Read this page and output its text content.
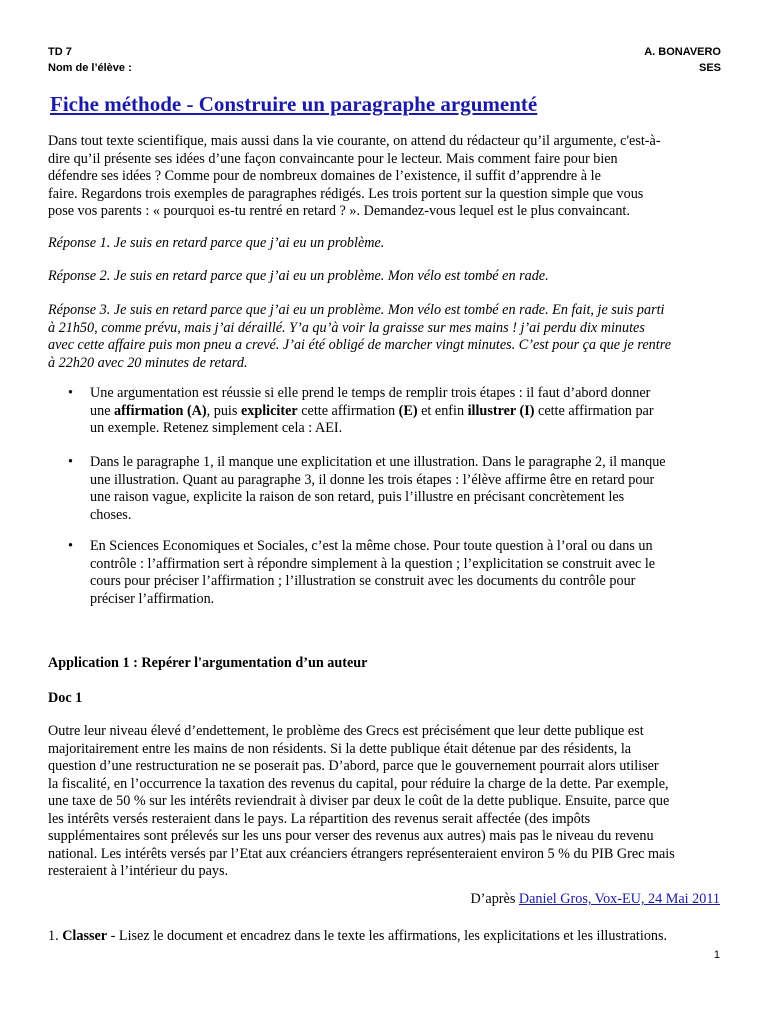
TD 7
Nom de l’élève :
A. BONAVERO
SES
Fiche méthode - Construire un paragraphe argumenté
Dans tout texte scientifique, mais aussi dans la vie courante, on attend du rédacteur qu’il argumente, c'est-à-
dire qu’il présente ses idées d’une façon convaincante pour le lecteur. Mais comment faire pour bien
défendre ses idées ? Comme pour de nombreux domaines de l’existence, il suffit d’apprendre à le
faire. Regardons trois exemples de paragraphes rédigés. Les trois portent sur la question simple que vous
pose vos parents : « pourquoi es-tu rentré en retard ? ». Demandez-vous lequel est le plus convaincant.
Réponse 1. Je suis en retard parce que j’ai eu un problème.
Réponse 2. Je suis en retard parce que j’ai eu un problème. Mon vélo est tombé en rade.
Réponse 3. Je suis en retard parce que j’ai eu un problème. Mon vélo est tombé en rade. En fait, je suis parti
à 21h50, comme prévu, mais j’ai déraillé. Y’a qu’à voir la graisse sur mes mains ! j’ai perdu dix minutes
avec cette affaire puis mon pneu a crevé. J’ai été obligé de marcher vingt minutes. C’est pour ça que je rentre
à 22h20 avec 20 minutes de retard.
• Une argumentation est réussie si elle prend le temps de remplir trois étapes : il faut d’abord donner
une affirmation (A), puis expliciter cette affirmation (E) et enfin illustrer (I) cette affirmation par
un exemple. Retenez simplement cela : AEI.
• Dans le paragraphe 1, il manque une explicitation et une illustration. Dans le paragraphe 2, il manque
une illustration. Quant au paragraphe 3, il donne les trois étapes : l’élève affirme être en retard pour
une raison vague, explicite la raison de son retard, puis l’illustre en précisant concrètement les
choses.
• En Sciences Economiques et Sociales, c’est la même chose. Pour toute question à l’oral ou dans un
contrôle : l’affirmation sert à répondre simplement à la question ; l’explicitation se construit avec le
cours pour préciser l’affirmation ; l’illustration se construit avec les documents du contrôle pour
préciser l’affirmation.
Application 1 : Repérer l'argumentation d’un auteur
Doc 1
Outre leur niveau élevé d’endettement, le problème des Grecs est précisément que leur dette publique est
majoritairement entre les mains de non résidents. Si la dette publique était détenue par des résidents, la
question d’une restructuration ne se poserait pas. D’abord, parce que le gouvernement pourrait alors utiliser
la fiscalité, en l’occurrence la taxation des revenus du capital, pour réduire la charge de la dette. Par exemple,
une taxe de 50 % sur les intérêts reviendrait à diviser par deux le coût de la dette publique. Ensuite, parce que
les intérêts versés resteraient dans le pays. La répartition des revenus serait affectée (des impôts
supplémentaires sont prélevés sur les uns pour verser des revenus aux autres) mais pas le niveau du revenu
national. Les intérêts versés par l’Etat aux créanciers étrangers représenteraient environ 5 % du PIB Grec mais
resteraient à l’intérieur du pays.
D’après Daniel Gros, Vox-EU, 24 Mai 2011
1. Classer - Lisez le document et encadrez dans le texte les affirmations, les explicitations et les illustrations.
1
